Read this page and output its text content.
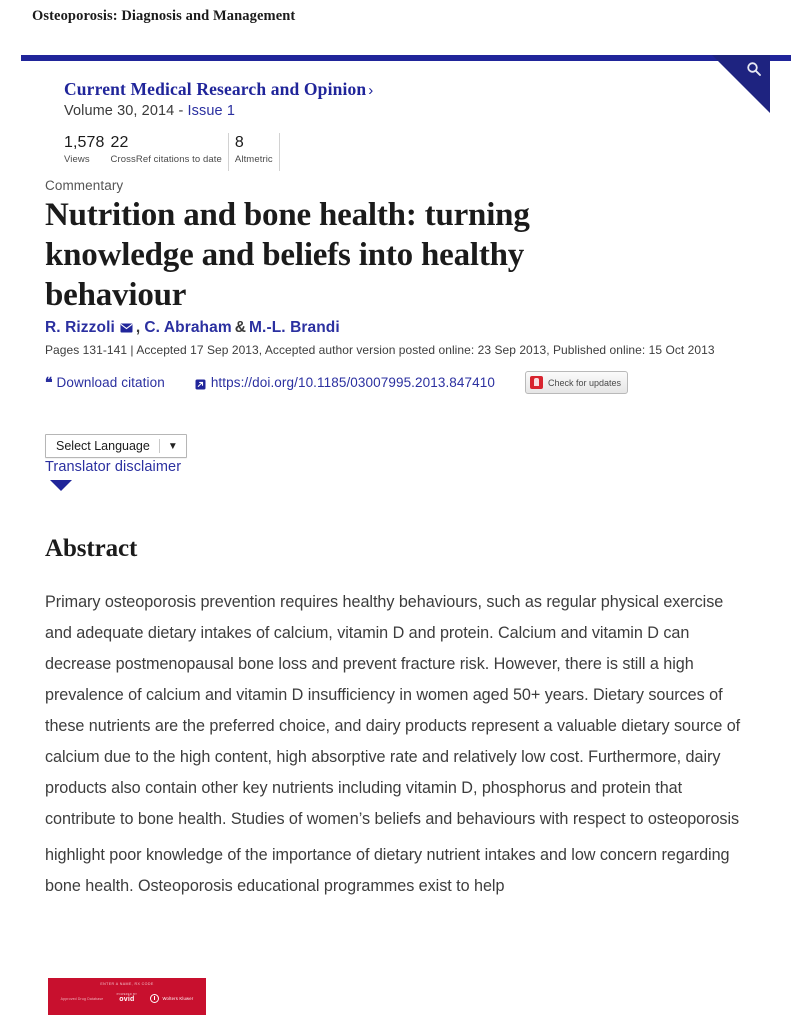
Osteoporosis: Diagnosis and Management
Current Medical Research and Opinion ›
Volume 30, 2014 - Issue 1
1,578
Views
22
CrossRef citations to date
8
Altmetric
Commentary
Nutrition and bone health: turning knowledge and beliefs into healthy behaviour
R. Rizzoli , C. Abraham & M.-L. Brandi
Pages 131-141 | Accepted 17 Sep 2013, Accepted author version posted online: 23 Sep 2013, Published online: 15 Oct 2013
❝ Download citation	https://doi.org/10.1185/03007995.2013.847410	Check for updates
Select Language	▼
Translator disclaimer
Abstract

Primary osteoporosis prevention requires healthy behaviours, such as regular physical exercise and adequate dietary intakes of calcium, vitamin D and protein. Calcium and vitamin D can decrease postmenopausal bone loss and prevent fracture risk. However, there is still a high prevalence of calcium and vitamin D insufficiency in women aged 50+ years. Dietary sources of these nutrients are the preferred choice, and dairy products represent a valuable dietary source of calcium due to the high content, high absorptive rate and relatively low cost. Furthermore, dairy products also contain other key nutrients including vitamin D, phosphorus and protein that contribute to bone health. Studies of women’s beliefs and behaviours with respect to osteoporosis

highlight poor knowledge of the importance of dietary nutrient intakes and low concern regarding bone health. Osteoporosis educational programmes exist to help

ENTER A NAME, RX CODE
Approved Drug Database
POWERED BY
ovid	Wolters Kluwer
